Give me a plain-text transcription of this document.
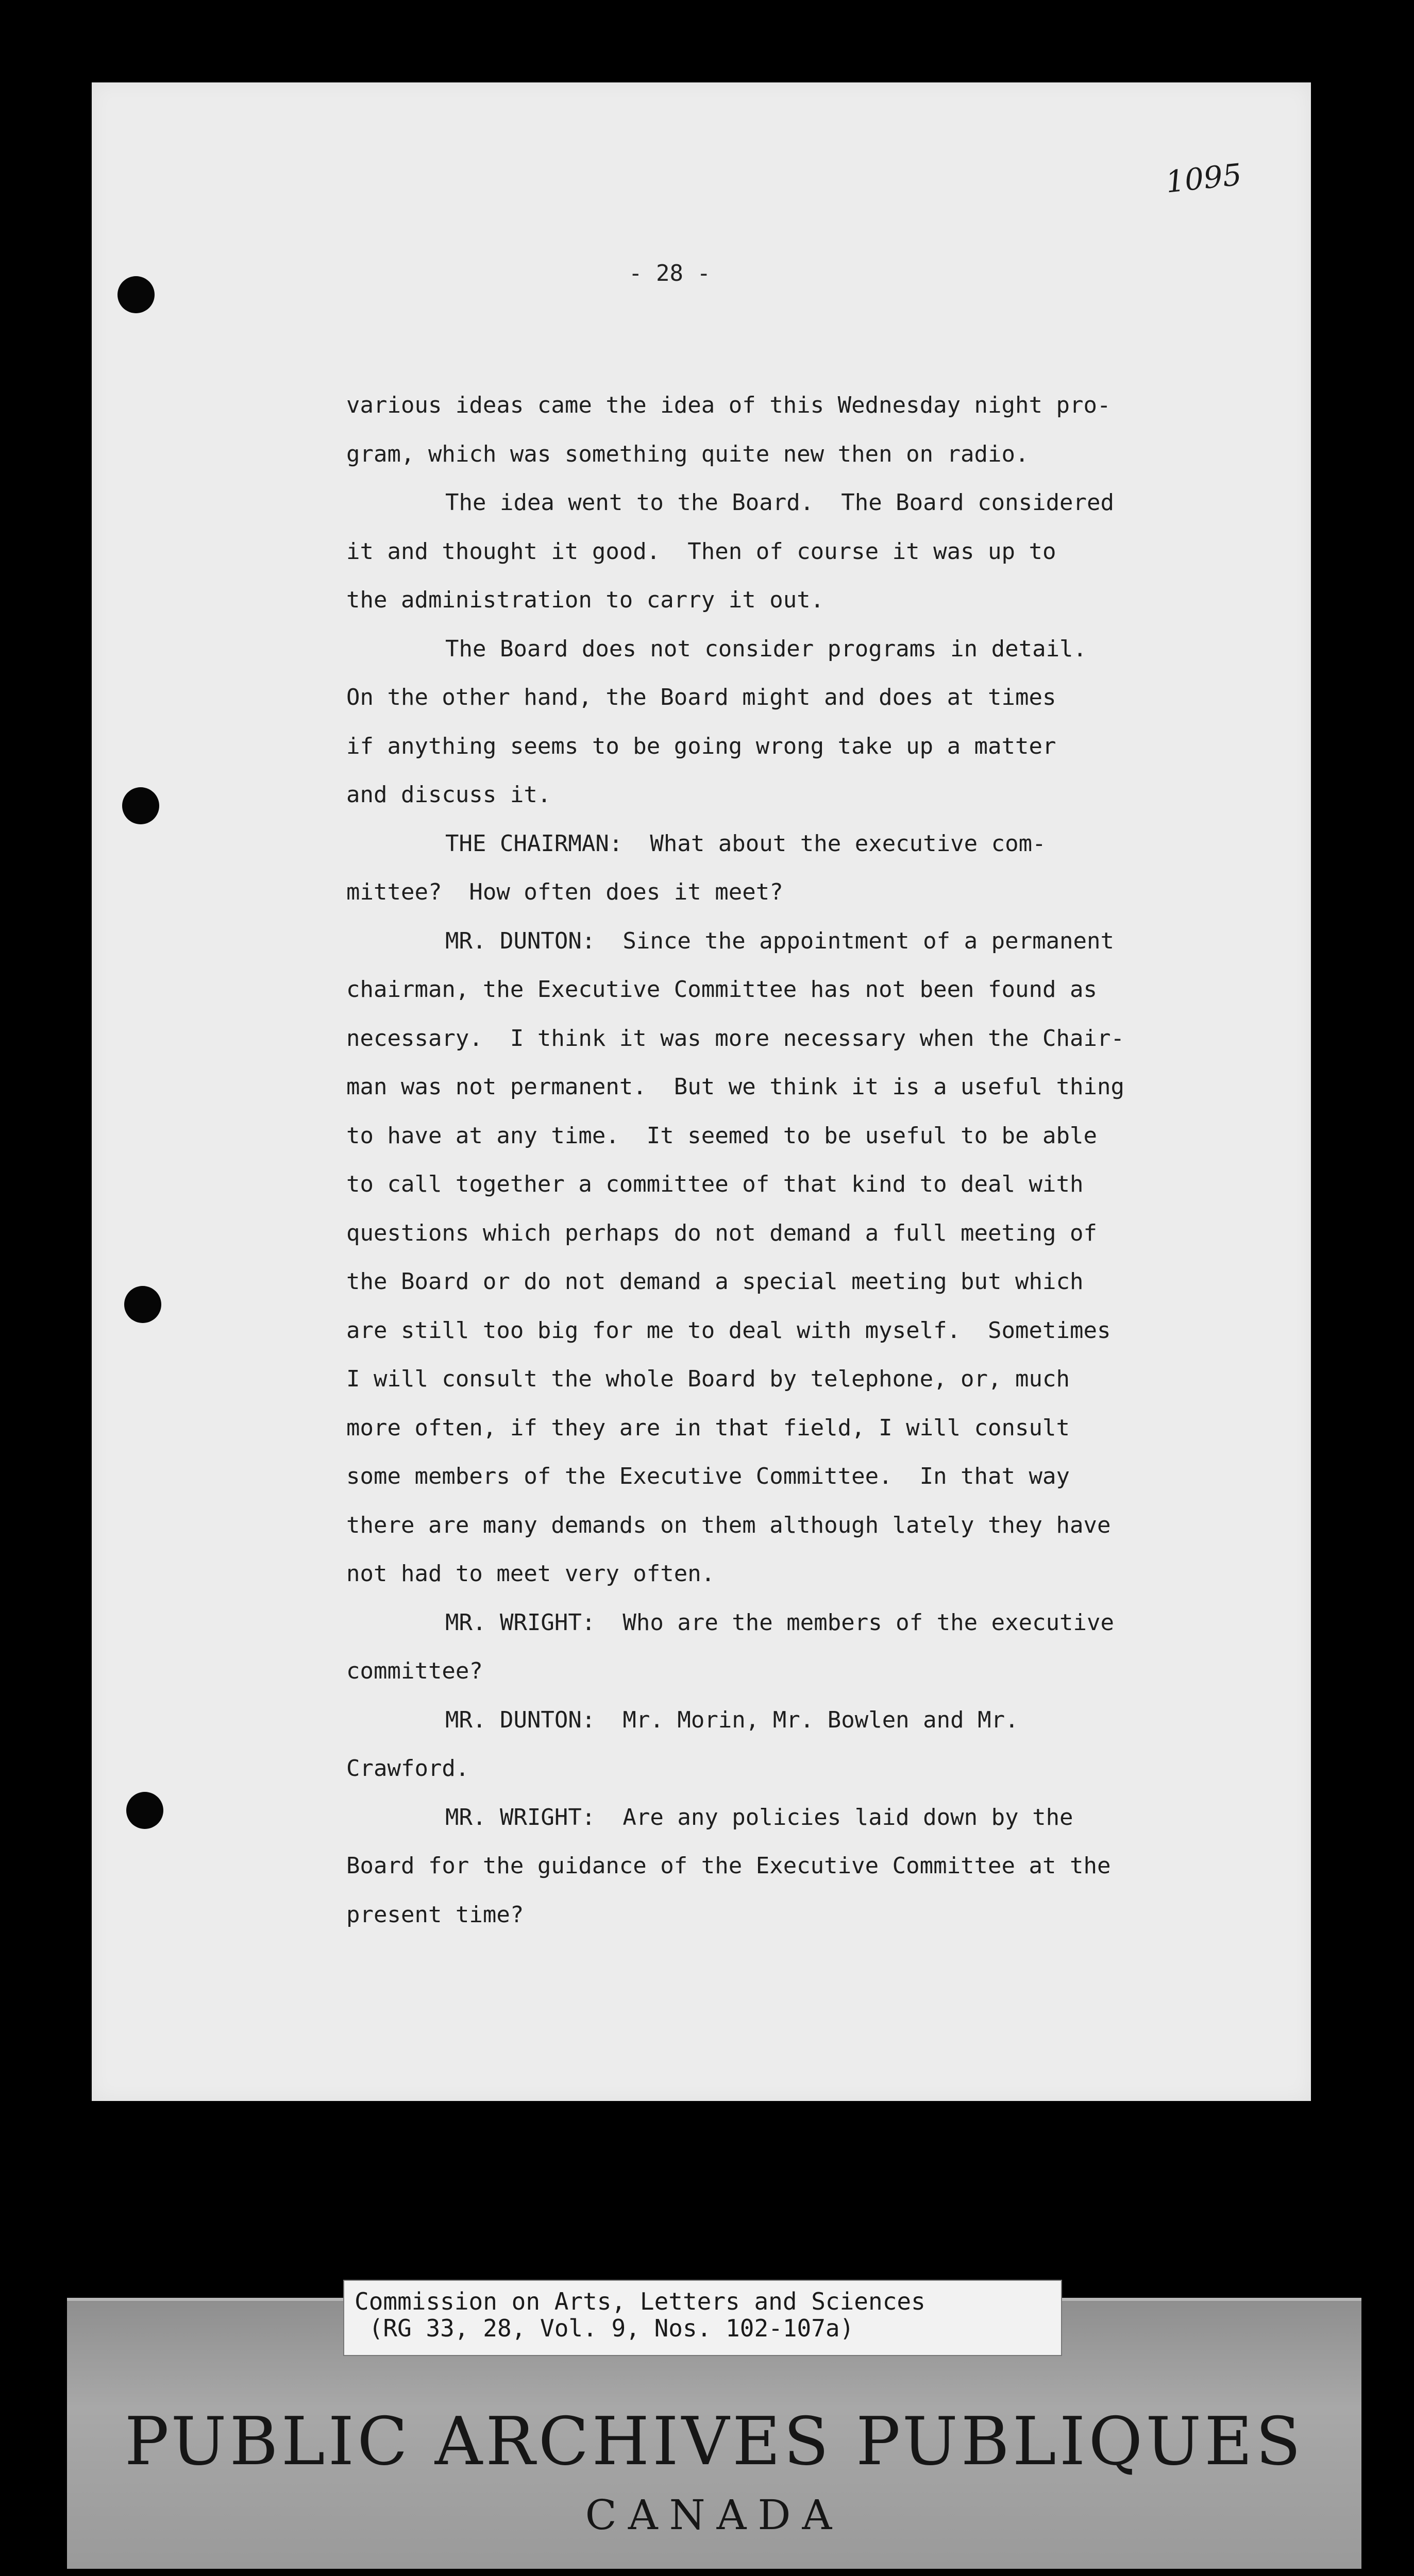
1095
- 28 -
various ideas came the idea of this Wednesday night pro-
gram, which was something quite new then on radio.
The idea went to the Board.  The Board considered
it and thought it good.  Then of course it was up to
the administration to carry it out.
The Board does not consider programs in detail.
On the other hand, the Board might and does at times
if anything seems to be going wrong take up a matter
and discuss it.
THE CHAIRMAN:  What about the executive com-
mittee?  How often does it meet?
MR. DUNTON:  Since the appointment of a permanent
chairman, the Executive Committee has not been found as
necessary.  I think it was more necessary when the Chair-
man was not permanent.  But we think it is a useful thing
to have at any time.  It seemed to be useful to be able
to call together a committee of that kind to deal with
questions which perhaps do not demand a full meeting of
the Board or do not demand a special meeting but which
are still too big for me to deal with myself.  Sometimes
I will consult the whole Board by telephone, or, much
more often, if they are in that field, I will consult
some members of the Executive Committee.  In that way
there are many demands on them although lately they have
not had to meet very often.
MR. WRIGHT:  Who are the members of the executive
committee?
MR. DUNTON:  Mr. Morin, Mr. Bowlen and Mr.
Crawford.
MR. WRIGHT:  Are any policies laid down by the
Board for the guidance of the Executive Committee at the
present time?
Commission on Arts, Letters and Sciences
(RG 33, 28, Vol. 9, Nos. 102-107a)
PUBLIC ARCHIVES PUBLIQUES
CANADA
